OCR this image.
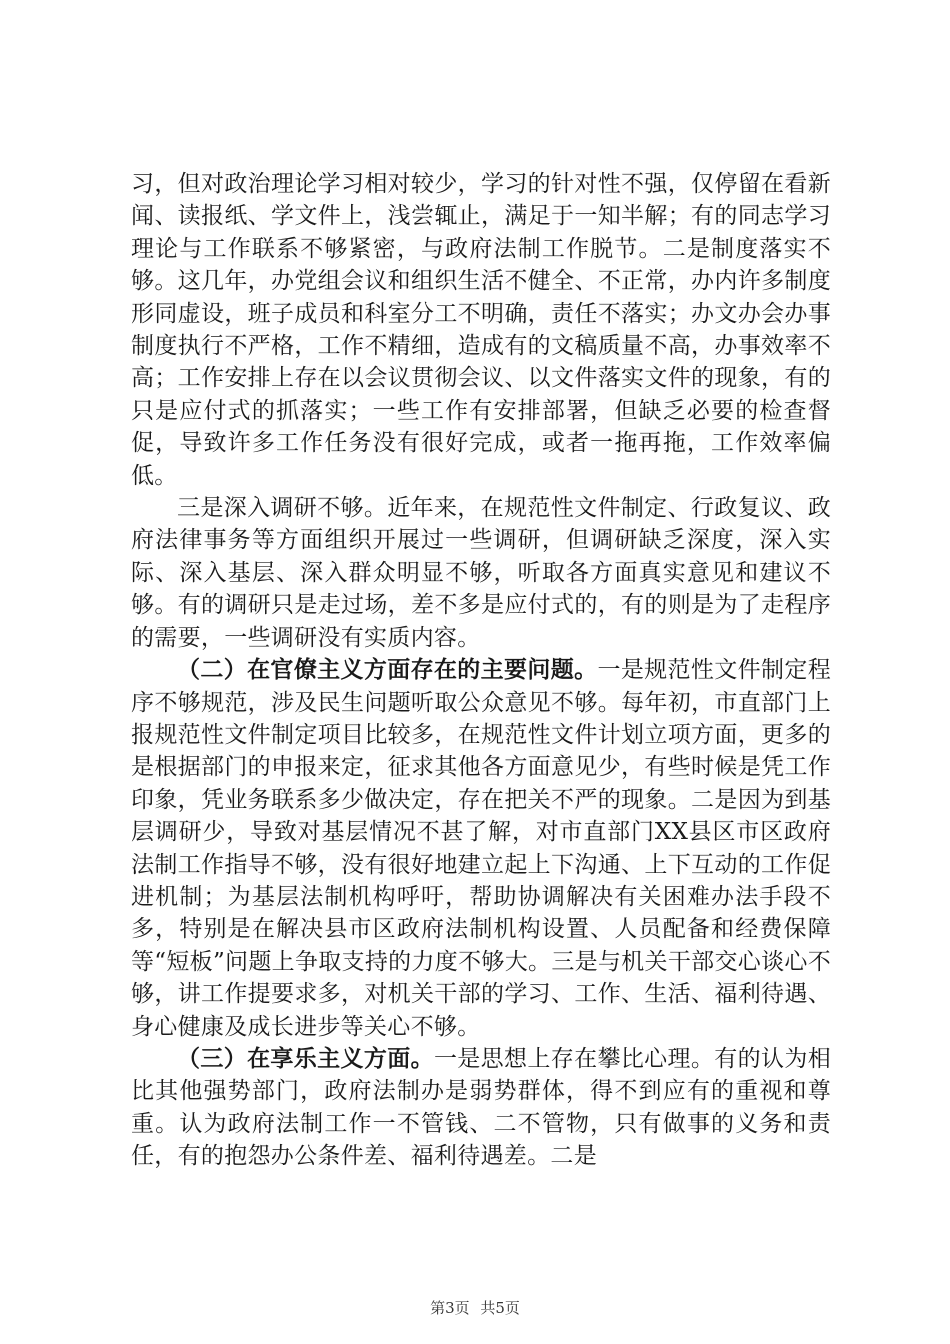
习，但对政治理论学习相对较少，学习的针对性不强，仅停留在看新闻、读报纸、学文件上，浅尝辄止，满足于一知半解；有的同志学习理论与工作联系不够紧密，与政府法制工作脱节。二是制度落实不够。这几年，办党组会议和组织生活不健全、不正常，办内许多制度形同虚设，班子成员和科室分工不明确，责任不落实；办文办会办事制度执行不严格，工作不精细，造成有的文稿质量不高，办事效率不高；工作安排上存在以会议贯彻会议、以文件落实文件的现象，有的只是应付式的抓落实；一些工作有安排部署，但缺乏必要的检查督促，导致许多工作任务没有很好完成，或者一拖再拖，工作效率偏低。

三是深入调研不够。近年来，在规范性文件制定、行政复议、政府法律事务等方面组织开展过一些调研，但调研缺乏深度，深入实际、深入基层、深入群众明显不够，听取各方面真实意见和建议不够。有的调研只是走过场，差不多是应付式的，有的则是为了走程序的需要，一些调研没有实质内容。

（二）在官僚主义方面存在的主要问题。一是规范性文件制定程序不够规范，涉及民生问题听取公众意见不够。每年初，市直部门上报规范性文件制定项目比较多，在规范性文件计划立项方面，更多的是根据部门的申报来定，征求其他各方面意见少，有些时候是凭工作印象，凭业务联系多少做决定，存在把关不严的现象。二是因为到基层调研少，导致对基层情况不甚了解，对市直部门XX县区市区政府法制工作指导不够，没有很好地建立起上下沟通、上下互动的工作促进机制；为基层法制机构呼吁，帮助协调解决有关困难办法手段不多，特别是在解决县市区政府法制机构设置、人员配备和经费保障等“短板”问题上争取支持的力度不够大。三是与机关干部交心谈心不够，讲工作提要求多，对机关干部的学习、工作、生活、福利待遇、身心健康及成长进步等关心不够。

（三）在享乐主义方面。一是思想上存在攀比心理。有的认为相比其他强势部门，政府法制办是弱势群体，得不到应有的重视和尊重。认为政府法制工作一不管钱、二不管物，只有做事的义务和责任，有的抱怨办公条件差、福利待遇差。二是

第3页 共5页
